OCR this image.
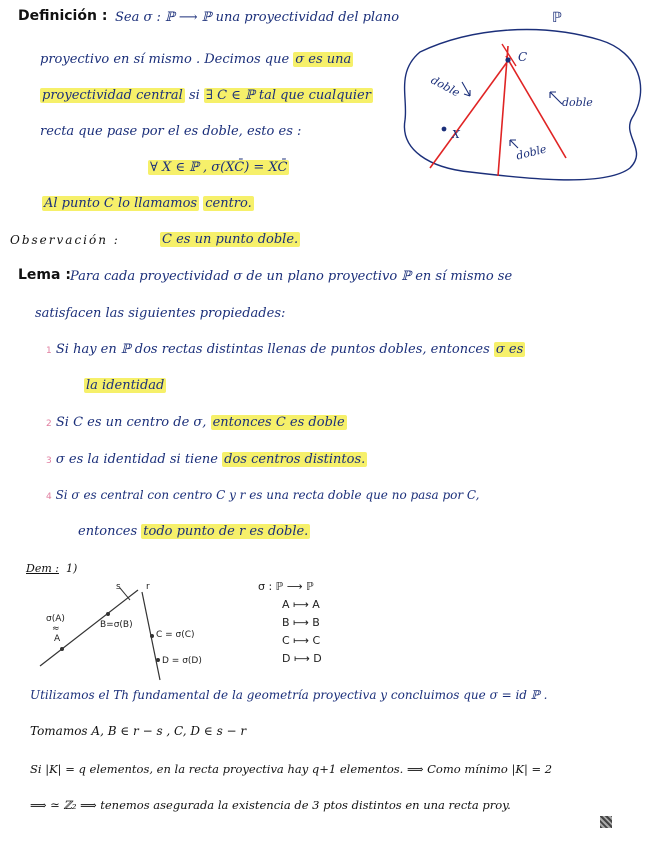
Definición : Sea σ : ℙ ⟶ ℙ una proyectividad del plano
proyectivo en sí mismo . Decimos que σ es una
proyectividad central si ∃ C ∈ ℙ tal que cualquier
recta que pase por el es doble, esto es :
∀ X ∈ ℙ , σ(XC̄) = XC̄
Al punto C lo llamamos centro.
ℙ
C
X
doble
doble
doble
Observación :	C es un punto doble.
Lema : Para cada proyectividad σ de un plano proyectivo ℙ en sí mismo se
satisfacen las siguientes propiedades:
1 Si hay en ℙ dos rectas distintas llenas de puntos dobles, entonces σ es
la identidad
2 Si C es un centro de σ, entonces C es doble
3 σ es la identidad si tiene dos centros distintos.
4 Si σ es central con centro C y r es una recta doble que no pasa por C,
entonces todo punto de r es doble.
Dem : 1)
s	r
σ(A)
≈
A
B=σ(B)
C = σ(C)
D = σ(D)
σ : ℙ ⟶ ℙ
A ⟼ A
B ⟼ B
C ⟼ C
D ⟼ D
Utilizamos el Th fundamental de la geometría proyectiva y concluimos que σ = id ℙ .
Tomamos A, B ∈ r − s , C, D ∈ s − r
Si |K| = q elementos, en la recta proyectiva hay q+1 elementos. ⟹ Como mínimo |K| = 2
⟹ ≃ ℤ₂ ⟹ tenemos asegurada la existencia de 3 ptos distintos en una recta proy.
